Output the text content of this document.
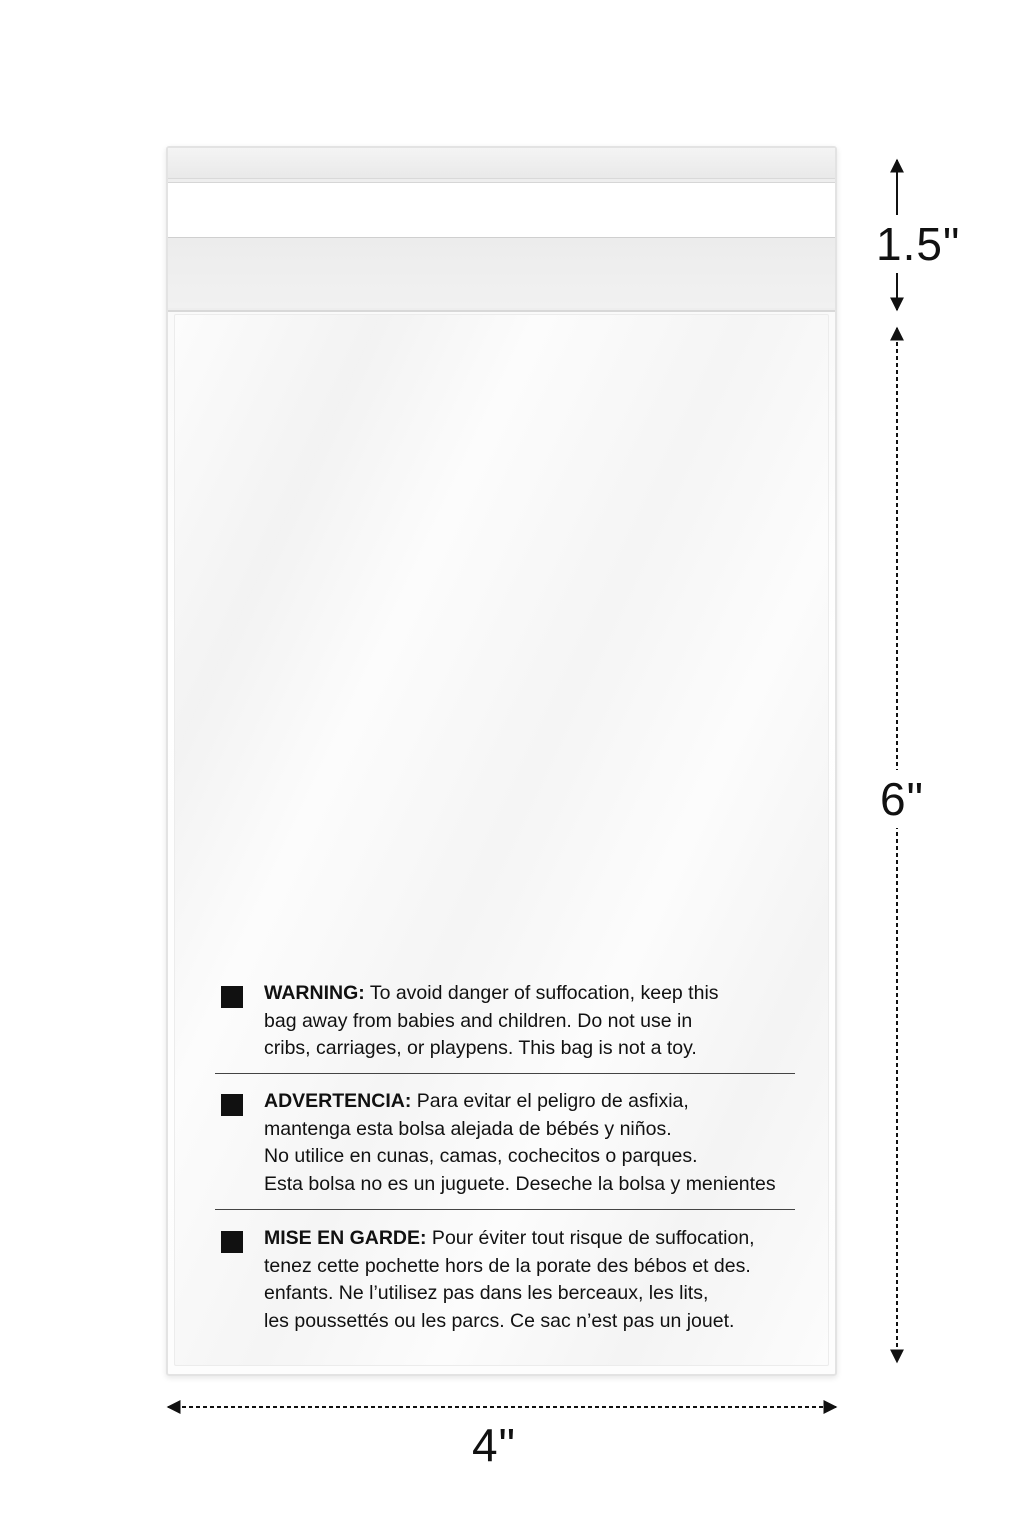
WARNING: To avoid danger of suffocation, keep this
bag away from babies and children. Do not use in
cribs, carriages, or playpens. This bag is not a toy.
ADVERTENCIA: Para evitar el peligro de asfixia,
mantenga esta bolsa alejada de bébés y niños.
No utilice en cunas, camas, cochecitos o parques.
Esta bolsa no es un juguete. Deseche la bolsa y menientes
MISE EN GARDE: Pour éviter tout risque de suffocation,
tenez cette pochette hors de la porate des bébos et des.
enfants. Ne l’utilisez pas dans les berceaux, les lits,
les poussettés ou les parcs. Ce sac n’est pas un jouet.
1.5"
6"
4"
